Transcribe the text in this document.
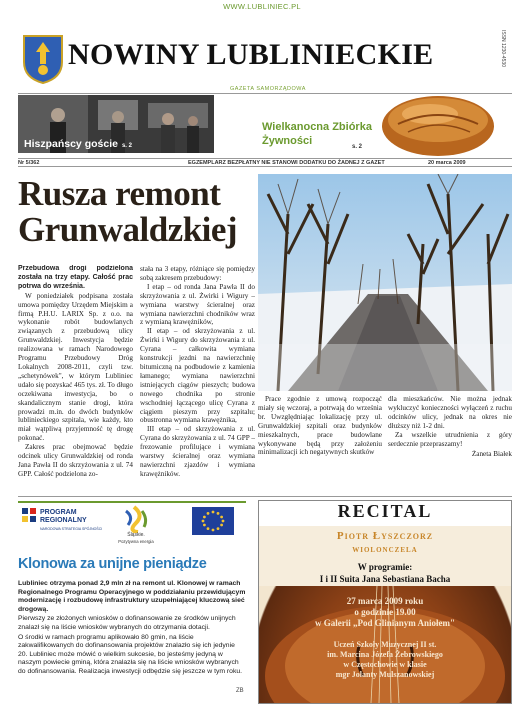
WWW.LUBLINIEC.PL
NOWINY LUBLINIECKIE	ISSN 1230-4530
GAZETA SAMORZĄDOWA
Hiszpańscy goście s. 2
Wielkanocna Zbiórka
Żywności	s. 2
Nr 5/362	EGZEMPLARZ BEZPŁATNY NIE STANOWI DODATKU DO ŻADNEJ Z GAZET	20 marca 2009
Rusza remont Grunwaldzkiej

Przebudowa drogi podzielona została na trzy etapy. Całość prac potrwa do września.

W poniedziałek podpisana została umowa pomiędzy Urzędem Miejskim a firmą P.H.U. LARIX Sp. z o.o. na wykonanie robót budowlanych związanych z przebudową ulicy Grunwaldzkiej. Inwestycja będzie realizowana w ramach Narodowego Programu Przebudowy Dróg Lokalnych 2008-2011, czyli tzw. „schetynówek", w którym Lubliniec udało się pozyskać 465 tys. zł. To długo oczekiwana inwestycja, bo o skandalicznym stanie drogi, która prowadzi m.in. do dwóch budynków lublinieckiego szpitala, wie każdy, kto miał wątpliwą przyjemność tę drogę pokonać.

Zakres prac obejmować będzie odcinek ulicy Grunwaldzkiej od ronda Jana Pawła II do skrzyżowania z ul. 74 GPP. Całość podzielona zo-

stała na 3 etapy, różniące się pomiędzy sobą zakresem przebudowy:

I etap – od ronda Jana Pawła II do skrzyżowania z ul. Żwirki i Wigury – wymiana warstwy ścieralnej oraz wymiana nawierzchni chodników wraz z wymianą krawężników,

II etap – od skrzyżowania z ul. Żwirki i Wigury do skrzyżowania z ul. Cyrana – całkowita wymiana konstrukcji jezdni na nawierzchnię bitumiczną na podbudowie z kamienia łamanego; wymiana nawierzchni istniejących ciągów pieszych; budowa nowego chodnika po stronie wschodniej łączącego ulicę Cyrana z ciągiem pieszym przy szpitalu; obustronna wymiana krawężnika,

III etap – od skrzyżowania z ul. Cyrana do skrzyżowania z ul. 74 GPP – frezowanie profilujące i wymiana warstwy ścieralnej oraz wymiana nawierzchni zjazdów i wymiana krawężników.

Prace zgodnie z umową rozpocząć miały się wczoraj, a potrwają do września br. Uwzględniając lokalizację przy ul. Grunwaldzkiej szpitali oraz budynków mieszkalnych, prace budowlane wykonywane będą przy założeniu minimalizacji ich negatywnych skutków

dla mieszkańców. Nie można jednak wykluczyć konieczności wyłączeń z ruchu odcinków ulicy, jednak na okres nie dłuższy niż 1-2 dni.

Za wszelkie utrudnienia z góry serdecznie przepraszamy!

Żaneta Białek

PROGRAM
REGIONALNY
NARODOWA STRATEGIA SPÓJNOŚCI
Śląskie.
Pozytywna energia
Klonowa za unijne pieniądze

Lubliniec otrzyma ponad 2,9 mln zł na remont ul. Klonowej w ramach Regionalnego Programu Operacyjnego w poddziałaniu przewidującym modernizację i rozbudowę infrastruktury uzupełniającej kluczową sieć drogową.

Pierwszy ze złożonych wniosków o dofinansowanie ze środków unijnych znalazł się na liście wniosków wybranych do otrzymania dotacji.

O środki w ramach programu aplikowało 80 gmin, na liście zakwalifikowanych do dofinansowania projektów znalazło się ich jedynie 20. Lubliniec może mówić o wielkim sukcesie, bo jesteśmy jedyną w naszym powiecie gminą, która znalazła się na liście wniosków wybranych do dofinansowania. Realizacja inwestycji odbędzie się jeszcze w tym roku.

ZB
RECITAL
Piotr Łyszczorz
wiolonczela
W programie:
I i II Suita Jana Sebastiana Bacha
27 marca 2009 roku
o godzinie 19.00
w Galerii „Pod Glinianym Aniołem"
Uczeń Szkoły Muzycznej II st.
im. Marcina Józefa Żebrowskiego
w Częstochowie w klasie
mgr Jolanty Mulszanowskiej
